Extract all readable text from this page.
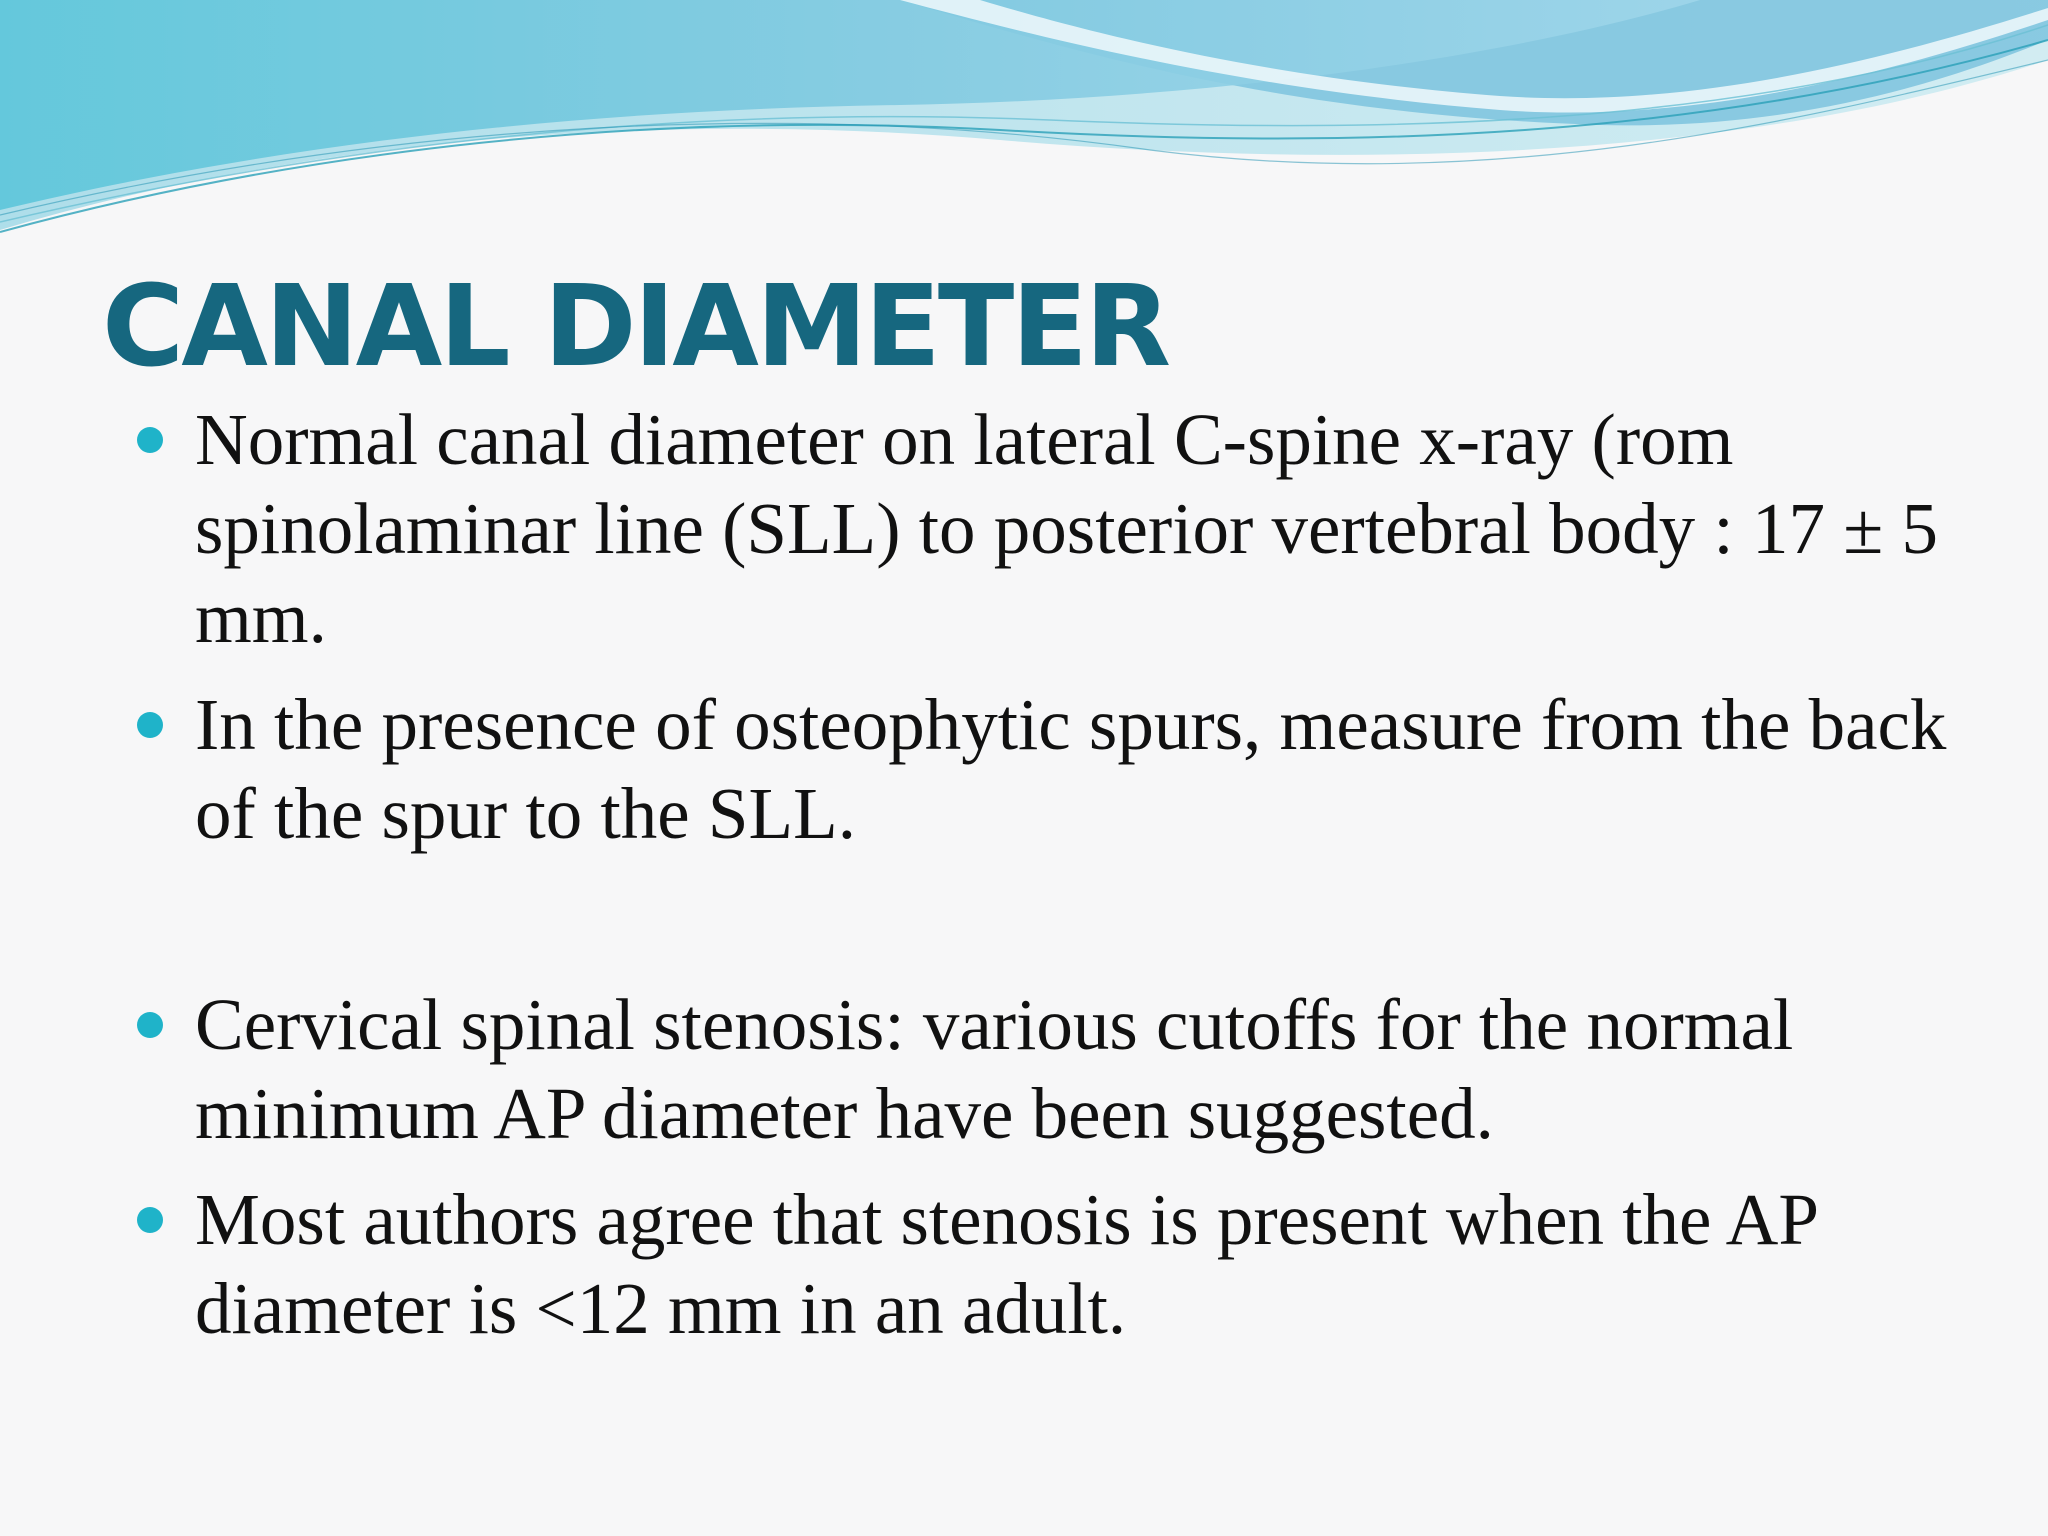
CANAL DIAMETER
Normal canal diameter on lateral C-spine x-ray (rom spinolaminar line (SLL) to posterior vertebral body : 17 ± 5 mm.
In the presence of osteophytic spurs, measure from the back of the spur to the SLL.
Cervical spinal stenosis: various cutoffs for the normal minimum AP diameter have been suggested.
Most authors agree that stenosis is present when the AP diameter is <12 mm in an adult.
